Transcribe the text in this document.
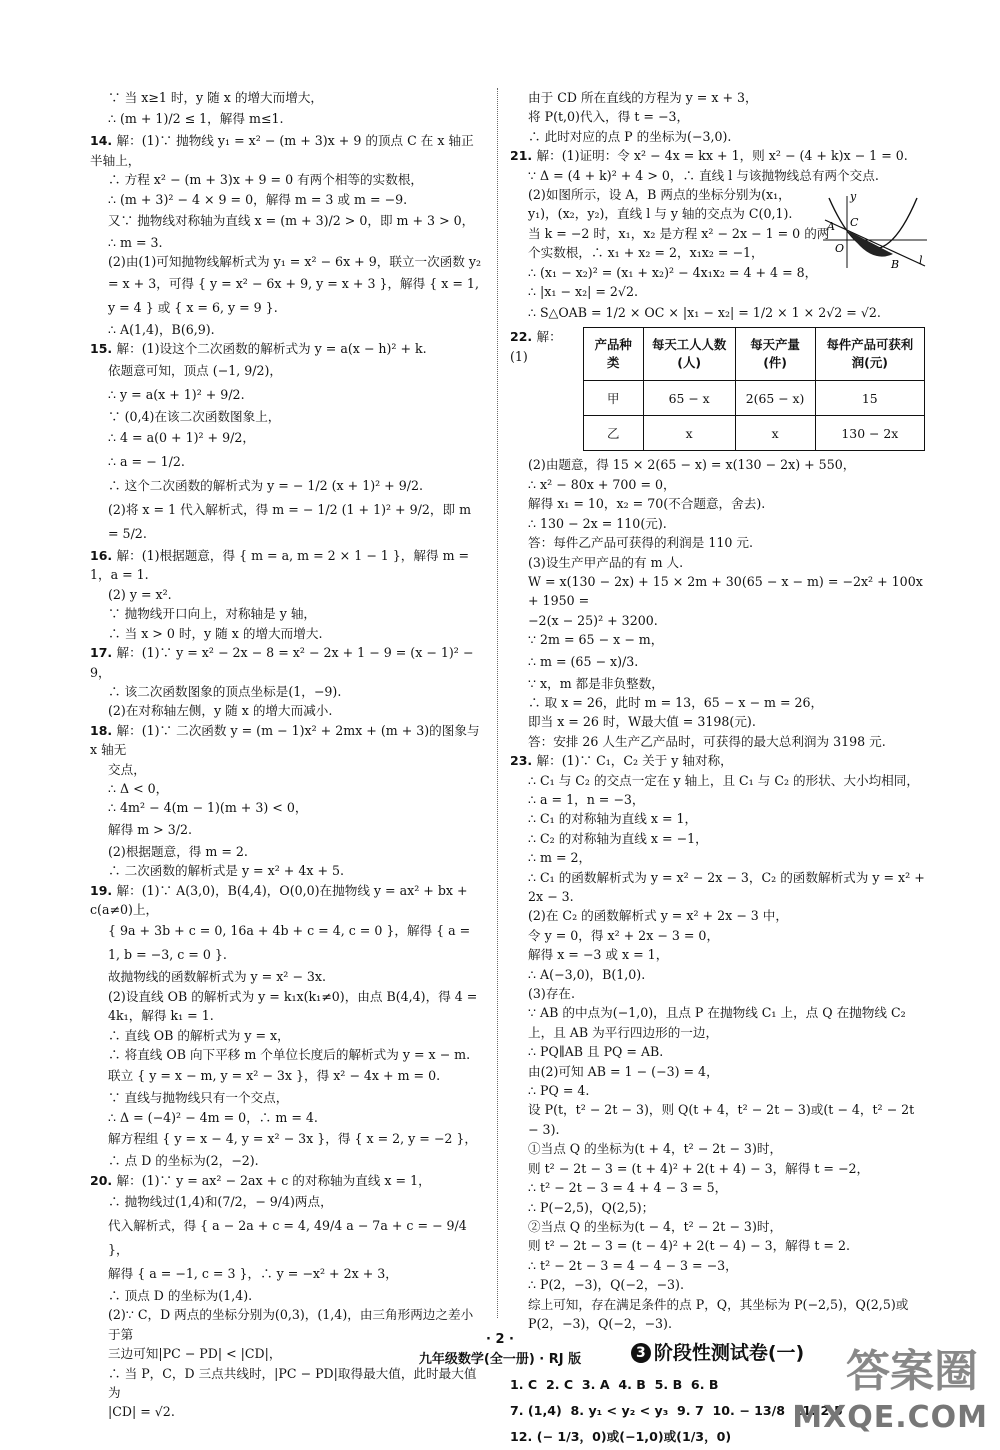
∵ 当 x≥1 时，y 随 x 的增大而增大，
∴ (m + 1)/2 ≤ 1，解得 m≤1.
14. 解：(1)∵ 抛物线 y₁ = x² − (m + 3)x + 9 的顶点 C 在 x 轴正半轴上，
∴ 方程 x² − (m + 3)x + 9 = 0 有两个相等的实数根，
∴ (m + 3)² − 4 × 9 = 0，解得 m = 3 或 m = −9.
又∵ 抛物线对称轴为直线 x = (m + 3)/2 > 0，即 m + 3 > 0，
∴ m = 3.
(2)由(1)可知抛物线解析式为 y₁ = x² − 6x + 9，联立一次函数 y₂
= x + 3，可得 { y = x² − 6x + 9, y = x + 3 }，解得 { x = 1, y = 4 } 或 { x = 6, y = 9 }.
∴ A(1,4)，B(6,9).
15. 解：(1)设这个二次函数的解析式为 y = a(x − h)² + k.
依题意可知，顶点 (−1, 9/2)，
∴ y = a(x + 1)² + 9/2.
∵ (0,4)在该二次函数图象上，
∴ 4 = a(0 + 1)² + 9/2，
∴ a = − 1/2.
∴ 这个二次函数的解析式为 y = − 1/2 (x + 1)² + 9/2.
(2)将 x = 1 代入解析式，得 m = − 1/2 (1 + 1)² + 9/2，即 m = 5/2.
16. 解：(1)根据题意，得 { m = a, m = 2 × 1 − 1 }，解得 m = 1，a = 1.
(2) y = x².
∵ 抛物线开口向上，对称轴是 y 轴，
∴ 当 x > 0 时，y 随 x 的增大而增大.
17. 解：(1)∵ y = x² − 2x − 8 = x² − 2x + 1 − 9 = (x − 1)² − 9，
∴ 该二次函数图象的顶点坐标是(1，−9).
(2)在对称轴左侧，y 随 x 的增大而减小.
18. 解：(1)∵ 二次函数 y = (m − 1)x² + 2mx + (m + 3)的图象与 x 轴无
交点，
∴ Δ < 0，
∴ 4m² − 4(m − 1)(m + 3) < 0，
解得 m > 3/2.
(2)根据题意，得 m = 2.
∴ 二次函数的解析式是 y = x² + 4x + 5.
19. 解：(1)∵ A(3,0)，B(4,4)，O(0,0)在抛物线 y = ax² + bx + c(a≠0)上，
{ 9a + 3b + c = 0, 16a + 4b + c = 4, c = 0 }，解得 { a = 1, b = −3, c = 0 }.
故抛物线的函数解析式为 y = x² − 3x.
(2)设直线 OB 的解析式为 y = k₁x(k₁≠0)，由点 B(4,4)，得 4 =
4k₁，解得 k₁ = 1.
∴ 直线 OB 的解析式为 y = x，
∴ 将直线 OB 向下平移 m 个单位长度后的解析式为 y = x − m.
联立 { y = x − m, y = x² − 3x }，得 x² − 4x + m = 0.
∵ 直线与抛物线只有一个交点，
∴ Δ = (−4)² − 4m = 0，∴ m = 4.
解方程组 { y = x − 4, y = x² − 3x }，得 { x = 2, y = −2 }，
∴ 点 D 的坐标为(2，−2).
20. 解：(1)∵ y = ax² − 2ax + c 的对称轴为直线 x = 1，
∴ 抛物线过(1,4)和(7/2，− 9/4)两点，
代入解析式，得 { a − 2a + c = 4, 49/4 a − 7a + c = − 9/4 }，
解得 { a = −1, c = 3 }，∴ y = −x² + 2x + 3，
∴ 顶点 D 的坐标为(1,4).
(2)∵ C，D 两点的坐标分别为(0,3)，(1,4)，由三角形两边之差小于第
三边可知|PC − PD| < |CD|，
∴ 当 P，C，D 三点共线时，|PC − PD|取得最大值，此时最大值为
|CD| = √2.
由于 CD 所在直线的方程为 y = x + 3，
将 P(t,0)代入，得 t = −3，
∴ 此时对应的点 P 的坐标为(−3,0).
21. 解：(1)证明：令 x² − 4x = kx + 1，则 x² − (4 + k)x − 1 = 0.
∵ Δ = (4 + k)² + 4 > 0，∴ 直线 l 与该抛物线总有两个交点.
(2)如图所示，设 A，B 两点的坐标分别为(x₁，
y₁)，(x₂，y₂)，直线 l 与 y 轴的交点为 C(0,1).
当 k = −2 时，x₁，x₂ 是方程 x² − 2x − 1 = 0 的两
个实数根，∴ x₁ + x₂ = 2，x₁x₂ = −1，
∴ (x₁ − x₂)² = (x₁ + x₂)² − 4x₁x₂ = 4 + 4 = 8，
∴ |x₁ − x₂| = 2√2.
∴ S△OAB = 1/2 × OC × |x₁ − x₂| = 1/2 × 1 × 2√2 = √2.
y
C
A
O
B l
22. 解：(1)
产品种类	每天工人人数(人)	每天产量(件)	每件产品可获利润(元)
甲	65 − x	2(65 − x)	15
乙	x	x	130 − 2x
(2)由题意，得 15 × 2(65 − x) = x(130 − 2x) + 550，
∴ x² − 80x + 700 = 0，
解得 x₁ = 10，x₂ = 70(不合题意，舍去).
∴ 130 − 2x = 110(元).
答：每件乙产品可获得的利润是 110 元.
(3)设生产甲产品的有 m 人.
W = x(130 − 2x) + 15 × 2m + 30(65 − x − m) = −2x² + 100x + 1950 =
−2(x − 25)² + 3200.
∵ 2m = 65 − x − m，
∴ m = (65 − x)/3.
∵ x，m 都是非负整数，
∴ 取 x = 26，此时 m = 13，65 − x − m = 26，
即当 x = 26 时，W最大值 = 3198(元).
答：安排 26 人生产乙产品时，可获得的最大总利润为 3198 元.
23. 解：(1)∵ C₁，C₂ 关于 y 轴对称，
∴ C₁ 与 C₂ 的交点一定在 y 轴上，且 C₁ 与 C₂ 的形状、大小均相同，
∴ a = 1，n = −3，
∴ C₁ 的对称轴为直线 x = 1，
∴ C₂ 的对称轴为直线 x = −1，
∴ m = 2，
∴ C₁ 的函数解析式为 y = x² − 2x − 3，C₂ 的函数解析式为 y = x² +
2x − 3.
(2)在 C₂ 的函数解析式 y = x² + 2x − 3 中，
令 y = 0，得 x² + 2x − 3 = 0，
解得 x = −3 或 x = 1，
∴ A(−3,0)，B(1,0).
(3)存在.
∵ AB 的中点为(−1,0)，且点 P 在抛物线 C₁ 上，点 Q 在抛物线 C₂
上，且 AB 为平行四边形的一边，
∴ PQ∥AB 且 PQ = AB.
由(2)可知 AB = 1 − (−3) = 4，
∴ PQ = 4.
设 P(t，t² − 2t − 3)，则 Q(t + 4，t² − 2t − 3)或(t − 4，t² − 2t − 3).
①当点 Q 的坐标为(t + 4，t² − 2t − 3)时，
则 t² − 2t − 3 = (t + 4)² + 2(t + 4) − 3，解得 t = −2，
∴ t² − 2t − 3 = 4 + 4 − 3 = 5，
∴ P(−2,5)，Q(2,5)；
②当点 Q 的坐标为(t − 4，t² − 2t − 3)时，
则 t² − 2t − 3 = (t − 4)² + 2(t − 4) − 3，解得 t = 2.
∴ t² − 2t − 3 = 4 − 4 − 3 = −3，
∴ P(2，−3)，Q(−2，−3).
综上可知，存在满足条件的点 P，Q，其坐标为 P(−2,5)，Q(2,5)或
P(2，−3)，Q(−2，−3).
3 阶段性测试卷(一)
1. C  2. C  3. A  4. B  5. B  6. B
7. (1,4)  8. y₁ < y₂ < y₃  9. 7  10. − 13/8  11. 2.5
12. (− 1/3，0)或(−1,0)或(1/3，0)
· 2 ·
九年级数学(全一册) · RJ 版	答案圈
MXQE.COM
